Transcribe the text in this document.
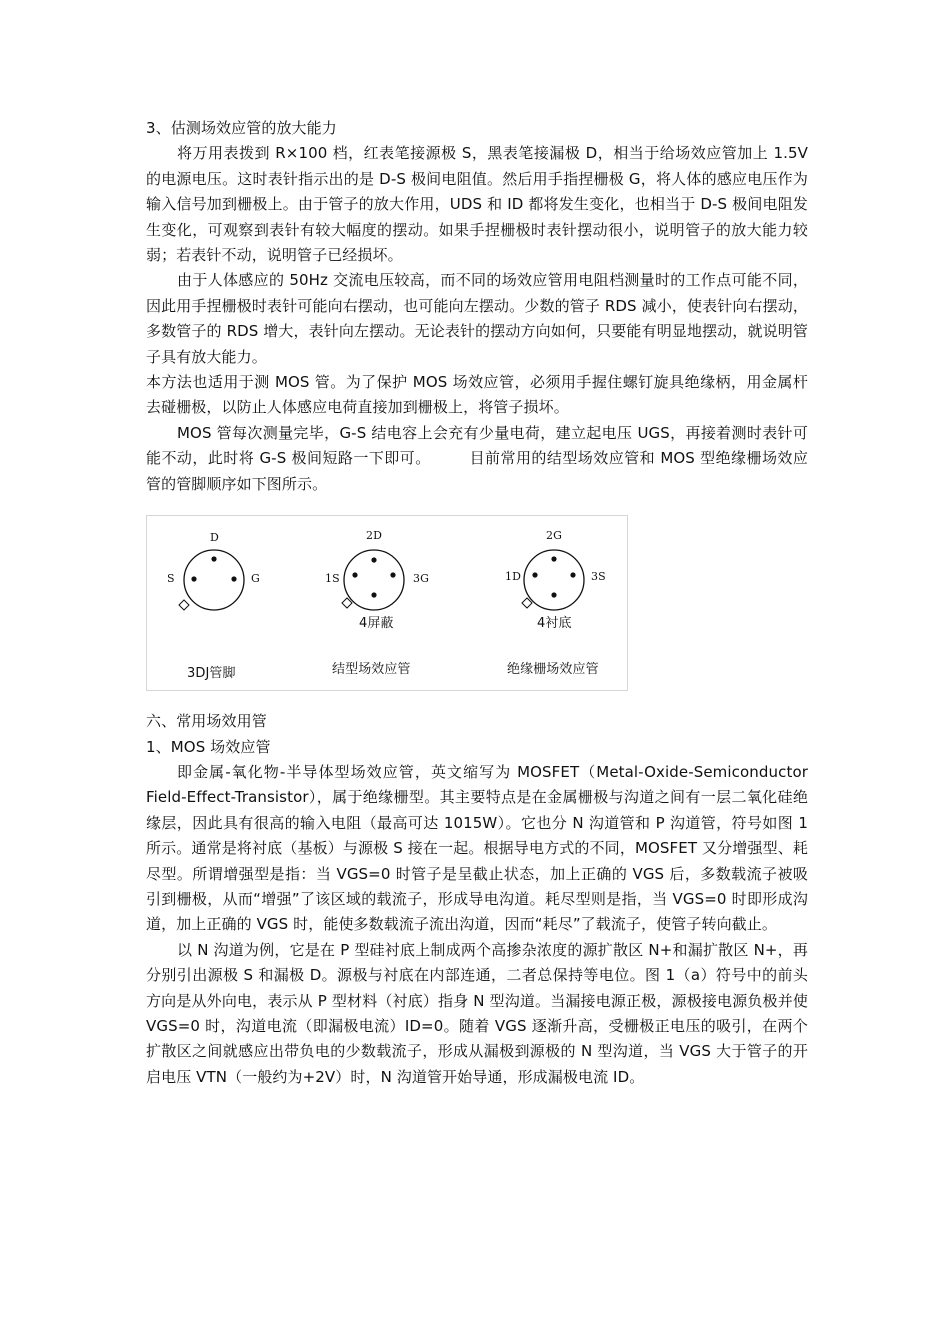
3、估测场效应管的放大能力

将万用表拨到 R×100 档，红表笔接源极 S，黑表笔接漏极 D，相当于给场效应管加上 1.5V 的电源电压。这时表针指示出的是 D-S 极间电阻值。然后用手指捏栅极 G，将人体的感应电压作为输入信号加到栅极上。由于管子的放大作用，UDS 和 ID 都将发生变化，也相当于 D-S 极间电阻发生变化，可观察到表针有较大幅度的摆动。如果手捏栅极时表针摆动很小，说明管子的放大能力较弱；若表针不动，说明管子已经损坏。

由于人体感应的 50Hz 交流电压较高，而不同的场效应管用电阻档测量时的工作点可能不同，因此用手捏栅极时表针可能向右摆动，也可能向左摆动。少数的管子 RDS 减小，使表针向右摆动，多数管子的 RDS 增大，表针向左摆动。无论表针的摆动方向如何，只要能有明显地摆动，就说明管子具有放大能力。

本方法也适用于测 MOS 管。为了保护 MOS 场效应管，必须用手握住螺钉旋具绝缘柄，用金属杆去碰栅极，以防止人体感应电荷直接加到栅极上，将管子损坏。

MOS 管每次测量完毕，G-S 结电容上会充有少量电荷，建立起电压 UGS，再接着测时表针可能不动，此时将 G-S 极间短路一下即可。　　　目前常用的结型场效应管和 MOS 型绝缘栅场效应管的管脚顺序如下图所示。

D
S	G
3DJ管脚
2D
1S	3G
4屏蔽
结型场效应管
2G
1D	3S
4衬底
绝缘栅场效应管

六、常用场效用管

1、MOS 场效应管

即金属-氧化物-半导体型场效应管，英文缩写为 MOSFET（Metal-Oxide-Semiconductor Field-Effect-Transistor），属于绝缘栅型。其主要特点是在金属栅极与沟道之间有一层二氧化硅绝缘层，因此具有很高的输入电阻（最高可达 1015W）。它也分 N 沟道管和 P 沟道管，符号如图 1 所示。通常是将衬底（基板）与源极 S 接在一起。根据导电方式的不同，MOSFET 又分增强型、耗尽型。所谓增强型是指：当 VGS=0 时管子是呈截止状态，加上正确的 VGS 后，多数载流子被吸引到栅极，从而“增强”了该区域的载流子，形成导电沟道。耗尽型则是指，当 VGS=0 时即形成沟道，加上正确的 VGS 时，能使多数载流子流出沟道，因而“耗尽”了载流子，使管子转向截止。

以 N 沟道为例，它是在 P 型硅衬底上制成两个高掺杂浓度的源扩散区 N+和漏扩散区 N+，再分别引出源极 S 和漏极 D。源极与衬底在内部连通，二者总保持等电位。图 1（a）符号中的前头方向是从外向电，表示从 P 型材料（衬底）指身 N 型沟道。当漏接电源正极，源极接电源负极并使 VGS=0 时，沟道电流（即漏极电流）ID=0。随着 VGS 逐渐升高，受栅极正电压的吸引，在两个扩散区之间就感应出带负电的少数载流子，形成从漏极到源极的 N 型沟道，当 VGS 大于管子的开启电压 VTN（一般约为+2V）时，N 沟道管开始导通，形成漏极电流 ID。
